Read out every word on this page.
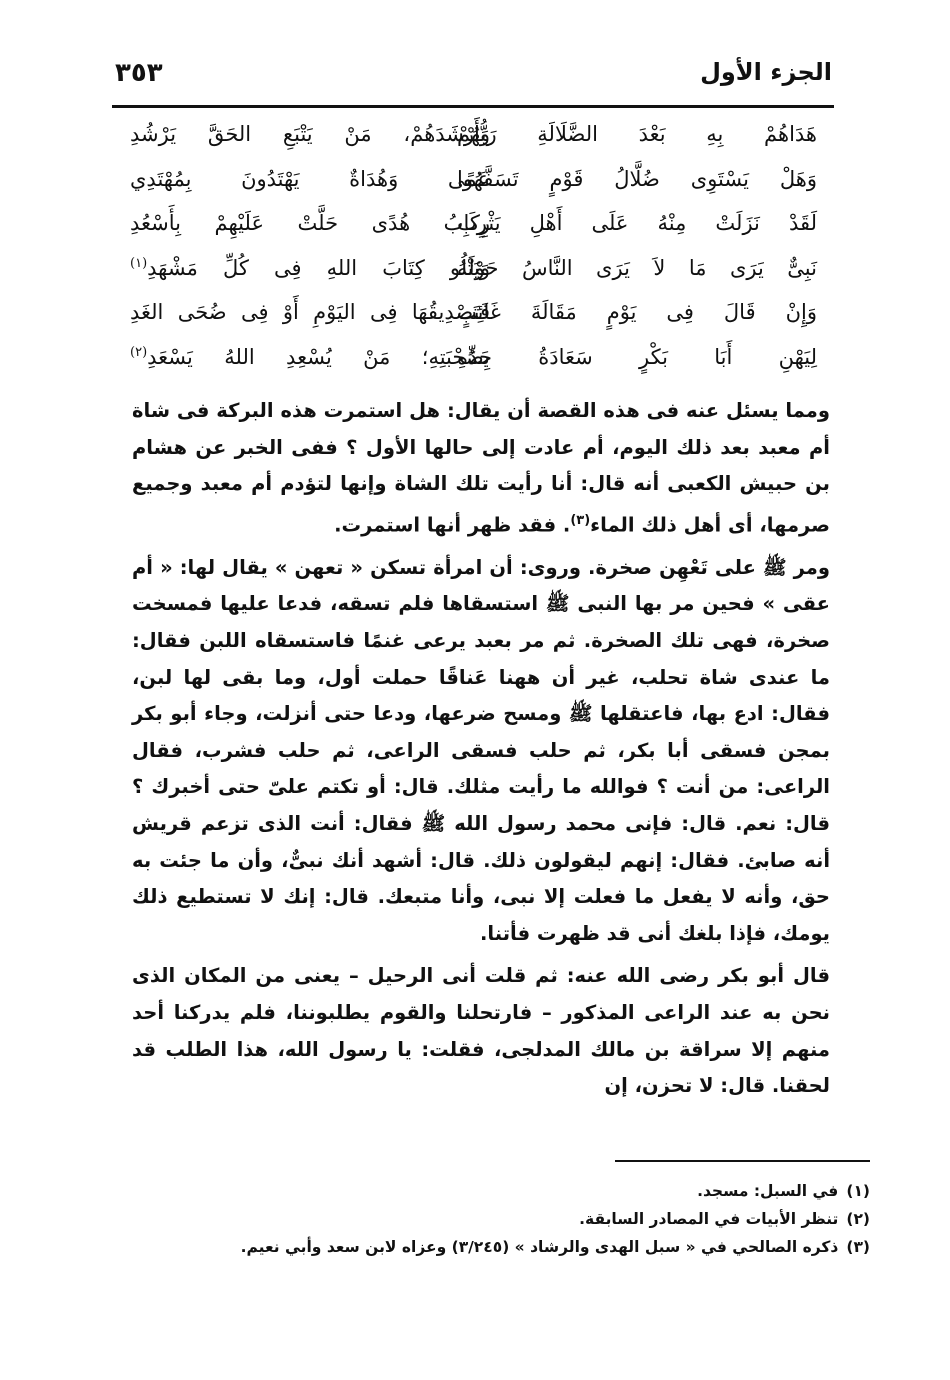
الجزء الأول
٣٥٣
هَدَاهُمْ بِهِ بَعْدَ الضَّلَالَةِ رَبُّهُمْ
وَأَرْشَدَهُمْ، مَنْ يَتْبَعِ الحَقَّ يَرْشُدِ
وَهَلْ يَسْتَوِى ضُلَّالُ قَوْمٍ تَسَفَّهُوا
عَمًى وَهُدَاةٌ يَهْتَدُونَ بِمُهْتَدِي
لَقَدْ نَزَلَتْ مِنْهُ عَلَى أَهْلِ يَثْرِبِ
رِكَابُ هُدًى حَلَّتْ عَلَيْهِمْ بِأَسْعُدِ
نَبِىٌّ يَرَى مَا لاَ يَرَى النَّاسُ حَوْلَهُ
وَيَتْلُو كِتَابَ اللهِ فِى كُلِّ مَشْهَدِ$^{(١)}$
وَإِنْ قَالَ فِى يَوْمٍ مَقَالَةَ غَائِبٍ
فَتَصْدِيقُهَا فِى اليَوْمِ أَوْ فِى ضُحَى الغَدِ
لِيَهْنِ أَبَا بَكْرٍ سَعَادَةُ جَدِّهِ
بِصُحْبَتِهِ؛ مَنْ يُسْعِدِ اللهُ يَسْعَدِ$^{(٢)}$

ومما يسئل عنه فى هذه القصة أن يقال: هل استمرت هذه البركة فى شاة أم معبد بعد ذلك اليوم، أم عادت إلى حالها الأول ؟ ففى الخبر عن هشام بن حبيش الكعبى أنه قال: أنا رأيت تلك الشاة وإنها لتؤدم أم معبد وجميع صرمها، أى أهل ذلك الماء$^{(٣)}$. فقد ظهر أنها استمرت.

ومر ﷺ على تَعْهِن صخرة. وروى: أن امرأة تسكن « تعهن » يقال لها: « أم عقى » فحين مر بها النبى ﷺ استسقاها فلم تسقه، فدعا عليها فمسخت صخرة، فهى تلك الصخرة. ثم مر بعبد يرعى غنمًا فاستسقاه اللبن فقال: ما عندى شاة تحلب، غير أن ههنا عَناقًا حملت أول، وما بقى لها لبن، فقال: ادع بها، فاعتقلها ﷺ ومسح ضرعها، ودعا حتى أنزلت، وجاء أبو بكر بمجن فسقى أبا بكر، ثم حلب فسقى الراعى، ثم حلب فشرب، فقال الراعى: من أنت ؟ فوالله ما رأيت مثلك. قال: أو تكتم علىّ حتى أخبرك ؟ قال: نعم. قال: فإنى محمد رسول الله ﷺ فقال: أنت الذى تزعم قريش أنه صابئ. فقال: إنهم ليقولون ذلك. قال: أشهد أنك نبىٌّ، وأن ما جئت به حق، وأنه لا يفعل ما فعلت إلا نبى، وأنا متبعك. قال: إنك لا تستطيع ذلك يومك، فإذا بلغك أنى قد ظهرت فأتنا.

قال أبو بكر رضى الله عنه: ثم قلت أنى الرحيل – يعنى من المكان الذى نحن به عند الراعى المذكور – فارتحلنا والقوم يطلبوننا، فلم يدركنا أحد منهم إلا سراقة بن مالك المدلجى، فقلت: يا رسول الله، هذا الطلب قد لحقنا. قال: لا تحزن، إن

(١)
في السبل: مسجد.
(٢)
تنظر الأبيات في المصادر السابقة.
(٣)
ذكره الصالحي في « سبل الهدى والرشاد » (٣/٢٤٥) وعزاه لابن سعد وأبي نعيم.
